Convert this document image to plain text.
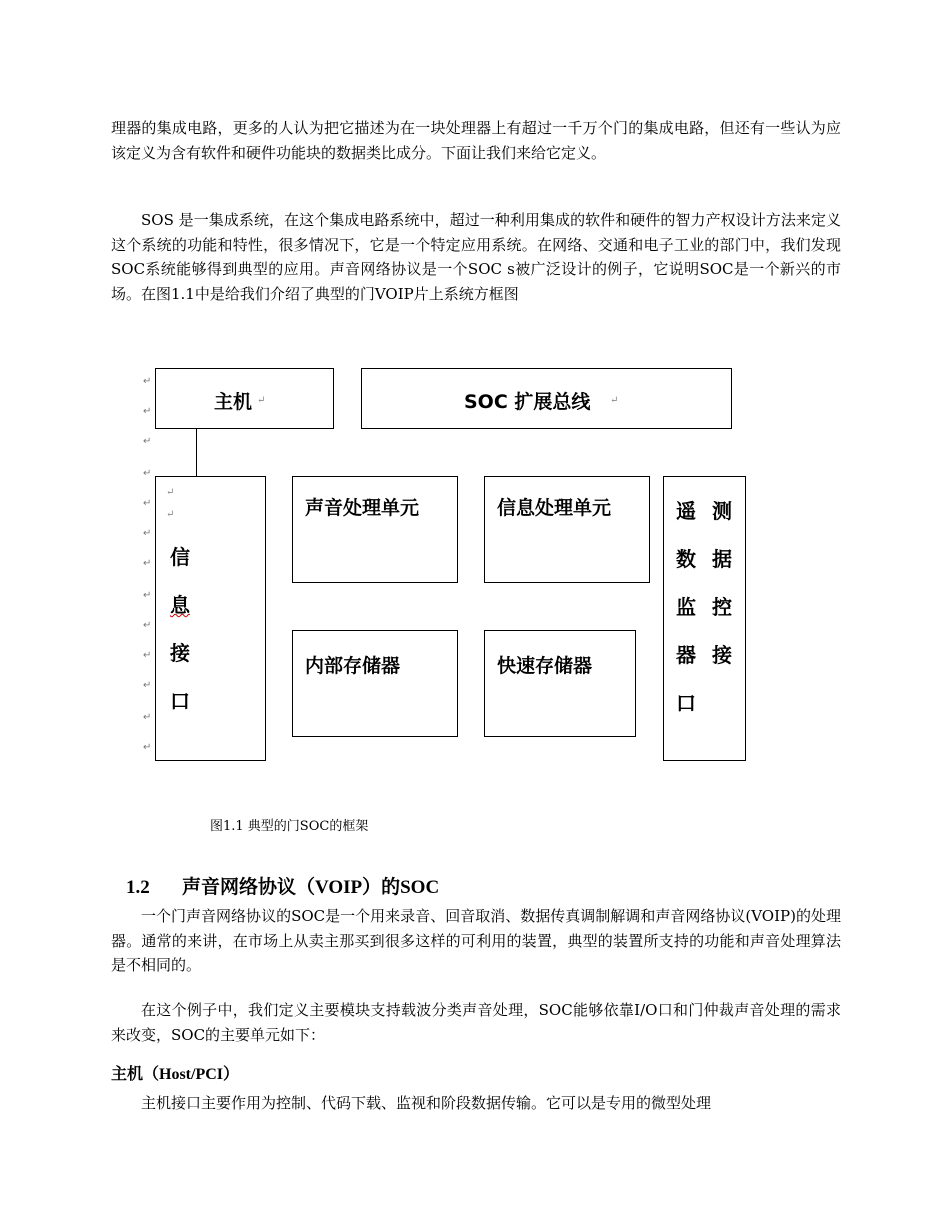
理器的集成电路，更多的人认为把它描述为在一块处理器上有超过一千万个门的集成电路，但还有一些认为应该定义为含有软件和硬件功能块的数据类比成分。下面让我们来给它定义。

SOS 是一集成系统，在这个集成电路系统中，超过一种利用集成的软件和硬件的智力产权设计方法来定义这个系统的功能和特性，很多情况下，它是一个特定应用系统。在网络、交通和电子工业的部门中，我们发现 SOC系统能够得到典型的应用。声音网络协议是一个SOC s被广泛设计的例子，它说明SOC是一个新兴的市场。在图1.1中是给我们介绍了典型的门VOIP片上系统方框图

↵
↵
↵
↵
↵
↵
↵
↵
↵
↵
↵
↵
↵
主机 ↵	SOC 扩展总线 ↵
↵
↵
信
息
接
口
声音处理单元	信息处理单元
内部存储器	快速存储器
遥 测
数 据
监 控
器 接
口
图1.1 典型的门SOC的框架
1.2 声音网络协议（VOIP）的SOC

一个门声音网络协议的SOC是一个用来录音、回音取消、数据传真调制解调和声音网络协议(VOIP)的处理器。通常的来讲，在市场上从卖主那买到很多这样的可利用的装置，典型的装置所支持的功能和声音处理算法是不相同的。

在这个例子中，我们定义主要模块支持载波分类声音处理，SOC能够依靠I/O口和门仲裁声音处理的需求来改变，SOC的主要单元如下：

主机（Host/PCI）

主机接口主要作用为控制、代码下载、监视和阶段数据传输。它可以是专用的微型处理
